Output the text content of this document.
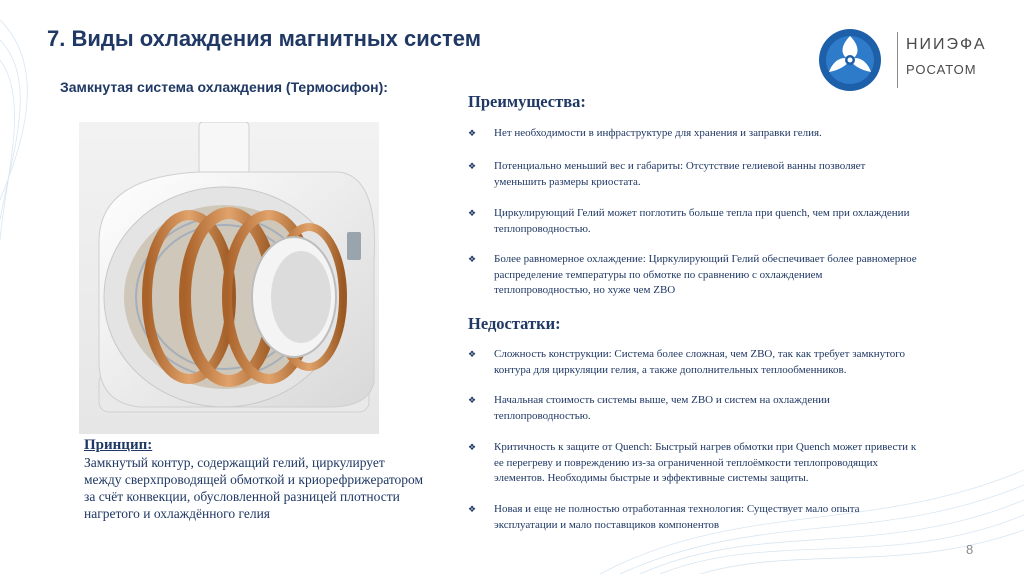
7. Виды охлаждения магнитных систем
Замкнутая система охлаждения (Термосифон):
НИИЭФА
РОСАТОМ
Принцип:
Замкнутый контур, содержащий гелий, циркулирует
между сверхпроводящей обмоткой и криорефрижератором
за счёт конвекции, обусловленной разницей плотности
нагретого и охлаждённого гелия
Преимущества:
❖	Нет необходимости в инфраструктуре для хранения и заправки гелия.
❖	Потенциально меньший вес и габариты: Отсутствие гелиевой ванны позволяет
уменьшить размеры криостата.
❖	Циркулирующий Гелий может поглотить больше тепла при quench, чем при охлаждении
теплопроводностью.
❖	Более равномерное охлаждение: Циркулирующий Гелий обеспечивает более равномерное
распределение температуры по обмотке по сравнению с охлаждением
теплопроводностью, но хуже чем ZBO
Недостатки:
❖	Сложность конструкции: Система более сложная, чем ZBO, так как требует замкнутого
контура для циркуляции гелия, а также дополнительных теплообменников.
❖	Начальная стоимость системы выше, чем ZBO и систем на охлаждении
теплопроводностью.
❖	Критичность к защите от Quench: Быстрый нагрев обмотки при Quench может привести к
ее перегреву и повреждению из-за ограниченной теплоёмкости теплопроводящих
элементов. Необходимы быстрые и эффективные системы защиты.
❖	Новая и еще не полностью отработанная технология: Существует мало опыта
эксплуатации и мало поставщиков компонентов
8
